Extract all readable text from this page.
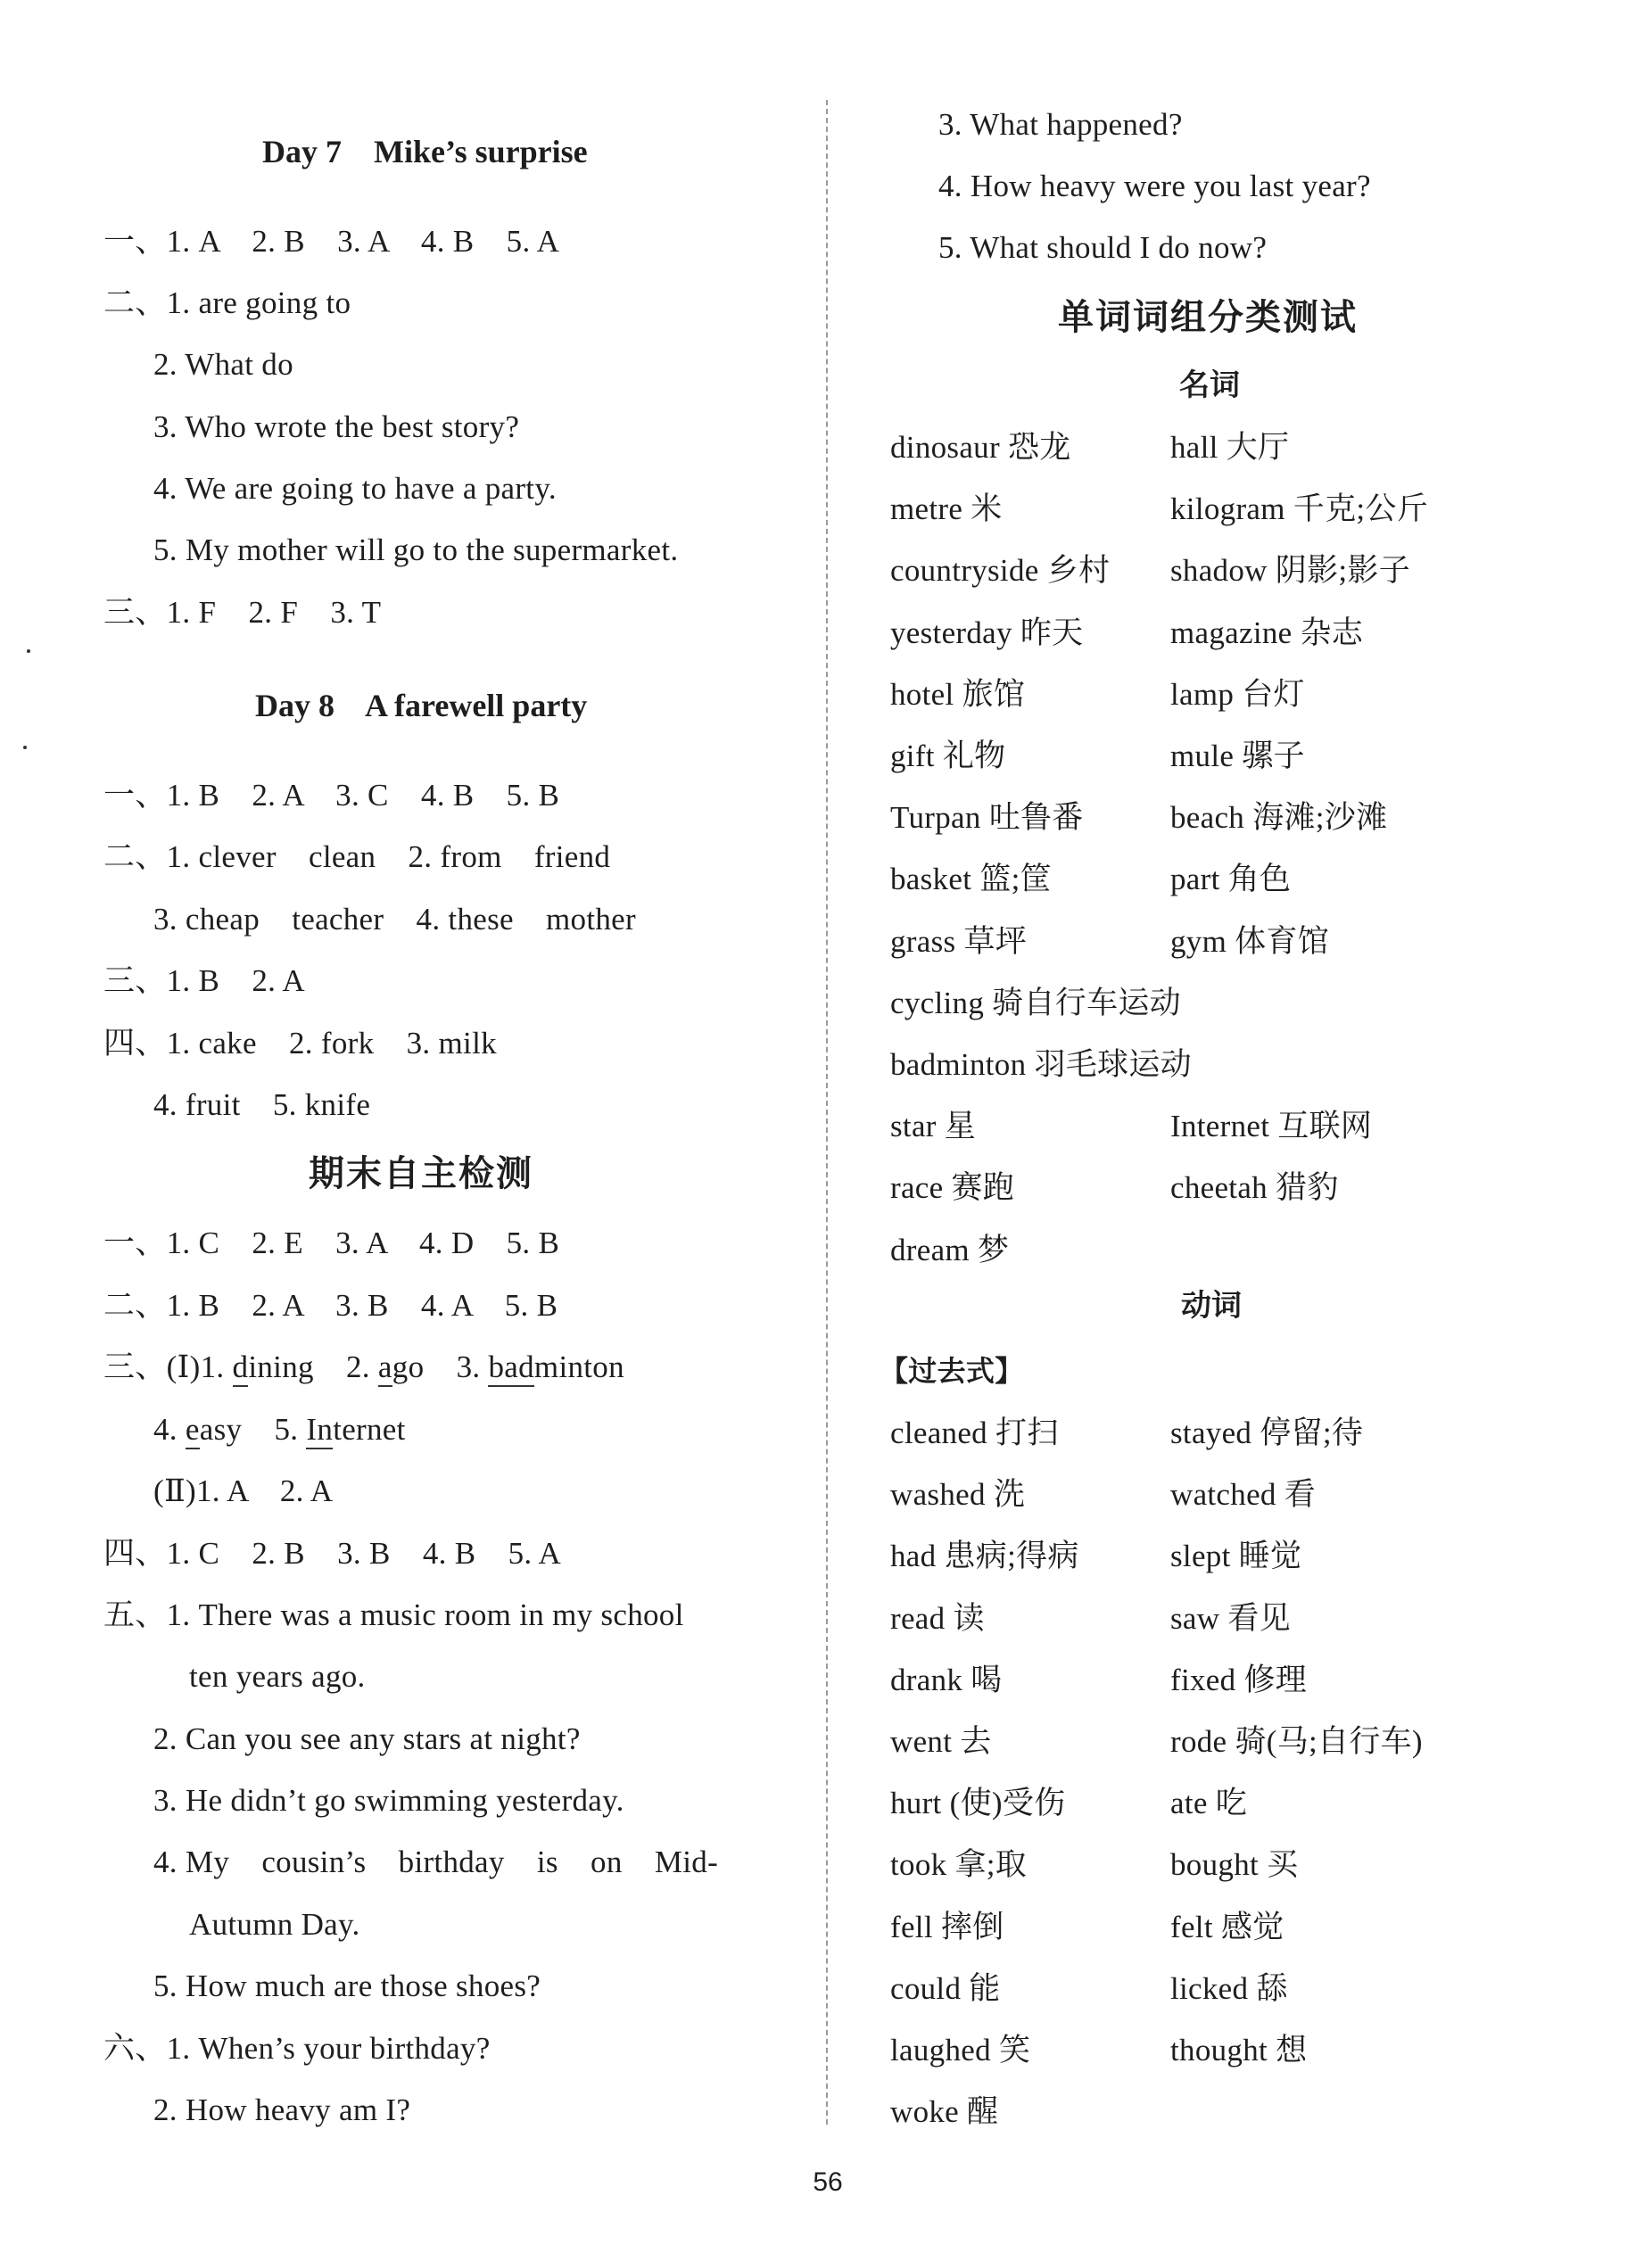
Day 7    Mike’s surprise
一、1. A    2. B    3. A    4. B    5. A
二、1. are going to
2. What do
3. Who wrote the best story?
4. We are going to have a party.
5. My mother will go to the supermarket.
三、1. F    2. F    3. T
Day 8    A farewell party
一、1. B    2. A    3. C    4. B    5. B
二、1. clever    clean    2. from    friend
3. cheap    teacher    4. these    mother
三、1. B    2. A
四、1. cake    2. fork    3. milk
4. fruit    5. knife
期末自主检测
一、1. C    2. E    3. A    4. D    5. B
二、1. B    2. A    3. B    4. A    5. B
三、(Ⅰ)1. dining    2. ago    3. badminton
4. easy    5. Internet
(Ⅱ)1. A    2. A
四、1. C    2. B    3. B    4. B    5. A
五、1. There was a music room in my school
ten years ago.
2. Can you see any stars at night?
3. He didn’t go swimming yesterday.
4. My    cousin’s    birthday    is    on    Mid-
Autumn Day.
5. How much are those shoes?
六、1. When’s your birthday?
2. How heavy am I?
3. What happened?
4. How heavy were you last year?
5. What should I do now?
单词词组分类测试
名词
dinosaur 恐龙	hall 大厅
metre 米	kilogram 千克;公斤
countryside 乡村 shadow 阴影;影子
yesterday 昨天	magazine 杂志
hotel 旅馆	lamp 台灯
gift 礼物	mule 骡子
Turpan 吐鲁番	beach 海滩;沙滩
basket 篮;筐	part 角色
grass 草坪	gym 体育馆
cycling 骑自行车运动
badminton 羽毛球运动
star 星	Internet 互联网
race 赛跑	cheetah 猎豹
dream 梦
动词
【过去式】
cleaned 打扫	stayed 停留;待
washed 洗	watched 看
had 患病;得病	slept 睡觉
read 读	saw 看见
drank 喝	fixed 修理
went 去	rode 骑(马;自行车)
hurt (使)受伤	ate 吃
took 拿;取	bought 买
fell 摔倒	felt 感觉
could 能	licked 舔
laughed 笑	thought 想
woke 醒
56
